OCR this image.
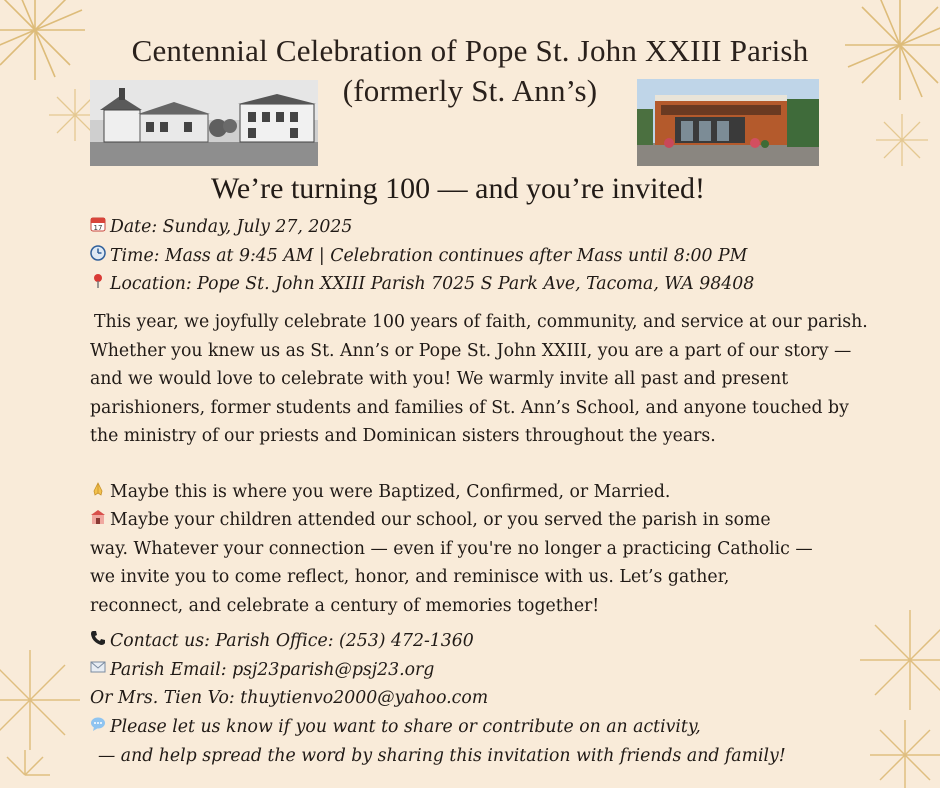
Centennial Celebration of Pope St. John XXIII Parish
(formerly St. Ann’s)
We’re turning 100 — and you’re invited!
17 Date: Sunday, July 27, 2025
Time: Mass at 9:45 AM | Celebration continues after Mass until 8:00 PM
Location: Pope St. John XXIII Parish 7025 S Park Ave, Tacoma, WA 98408
This year, we joyfully celebrate 100 years of faith, community, and service at our parish. Whether you knew us as St. Ann’s or Pope St. John XXIII, you are a part of our story — and we would love to celebrate with you! We warmly invite all past and present parishioners, former students and families of St. Ann’s School, and anyone touched by the ministry of our priests and Dominican sisters throughout the years.
Maybe this is where you were Baptized, Confirmed, or Married.
Maybe your children attended our school, or you served the parish in some
way. Whatever your connection — even if you're no longer a practicing Catholic —
we invite you to come reflect, honor, and reminisce with us. Let’s gather,
reconnect, and celebrate a century of memories together!
Contact us: Parish Office: (253) 472-1360
Parish Email: psj23parish@psj23.org
Or Mrs. Tien Vo: thuytienvo2000@yahoo.com
Please let us know if you want to share or contribute on an activity,
— and help spread the word by sharing this invitation with friends and family!
